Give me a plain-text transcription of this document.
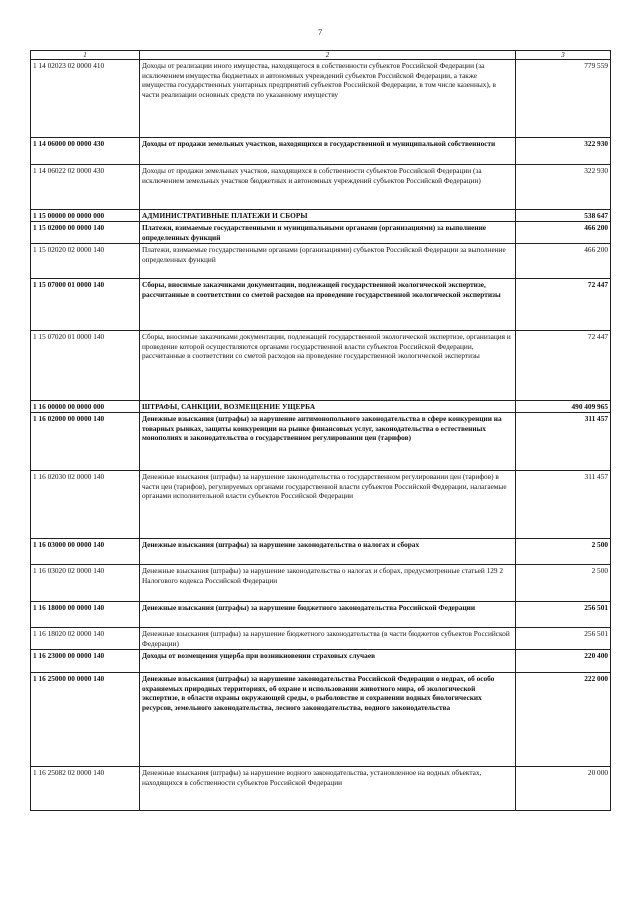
7
1	2	3
1 14 02023 02 0000 410	Доходы от реализации иного имущества, находящегося в собственности субъектов Российской Федерации (за исключением имущества бюджетных и автономных учреждений субъектов Российской Федерации, а также имущества государственных унитарных предприятий субъектов Российской Федерации, в том числе казенных), в части реализации основных средств по указанному имуществу	779 559
1 14 06000 00 0000 430	Доходы от продажи земельных участков, находящихся в государственной и муниципальной собственности	322 930
1 14 06022 02 0000 430	Доходы от продажи земельных участков, находящихся в собственности субъектов Российской Федерации (за исключением земельных участков бюджетных и автономных учреждений субъектов Российской Федерации)	322 930
1 15 00000 00 0000 000	АДМИНИСТРАТИВНЫЕ ПЛАТЕЖИ И СБОРЫ	538 647
1 15 02000 00 0000 140	Платежи, взимаемые государственными и муниципальными органами (организациями) за выполнение определенных функций	466 200
1 15 02020 02 0000 140	Платежи, взимаемые государственными органами (организациями) субъектов Российской Федерации за выполнение определенных функций	466 200
1 15 07000 01 0000 140	Сборы, вносимые заказчиками документации, подлежащей государственной экологической экспертизе, рассчитанные в соответствии со сметой расходов на проведение государственной экологической экспертизы	72 447
1 15 07020 01 0000 140	Сборы, вносимые заказчиками документации, подлежащей государственной экологической экспертизе, организация и проведение которой осуществляются органами государственной власти субъектов Российской Федерации, рассчитанные в соответствии со сметой расходов на проведение государственной экологической экспертизы	72 447
1 16 00000 00 0000 000	ШТРАФЫ, САНКЦИИ, ВОЗМЕЩЕНИЕ УЩЕРБА	490 409 965
1 16 02000 00 0000 140	Денежные взыскания (штрафы) за нарушение антимонопольного законодательства в сфере конкуренции на товарных рынках, защиты конкуренции на рынке финансовых услуг, законодательства о естественных монополиях и законодательства о государственном регулировании цен (тарифов)	311 457
1 16 02030 02 0000 140	Денежные взыскания (штрафы) за нарушение законодательства о государственном регулировании цен (тарифов) в части цен (тарифов), регулируемых органами государственной власти субъектов Российской Федерации, налагаемые органами исполнительной власти субъектов Российской Федерации	311 457
1 16 03000 00 0000 140	Денежные взыскания (штрафы) за нарушение законодательства о налогах и сборах	2 500
1 16 03020 02 0000 140	Денежные взыскания (штрафы) за нарушение законодательства о налогах и сборах, предусмотренные статьей 129 2 Налогового кодекса Российской Федерации	2 500
1 16 18000 00 0000 140	Денежные взыскания (штрафы) за нарушение бюджетного законодательства Российской Федерации	256 501
1 16 18020 02 0000 140	Денежные взыскания (штрафы) за нарушение бюджетного законодательства (в части бюджетов субъектов Российской Федерации)	256 501
1 16 23000 00 0000 140	Доходы от возмещения ущерба при возникновении страховых случаев	220 400
1 16 25000 00 0000 140	Денежные взыскания (штрафы) за нарушение законодательства Российской Федерации о недрах, об особо охраняемых природных территориях, об охране и использовании животного мира, об экологической экспертизе, в области охраны окружающей среды, о рыболовстве и сохранении водных биологических ресурсов, земельного законодательства, лесного законодательства, водного законодательства	222 000
1 16 25082 02 0000 140	Денежные взыскания (штрафы) за нарушение водного законодательства, установленное на водных объектах, находящихся в собственности субъектов Российской Федерации	20 000
